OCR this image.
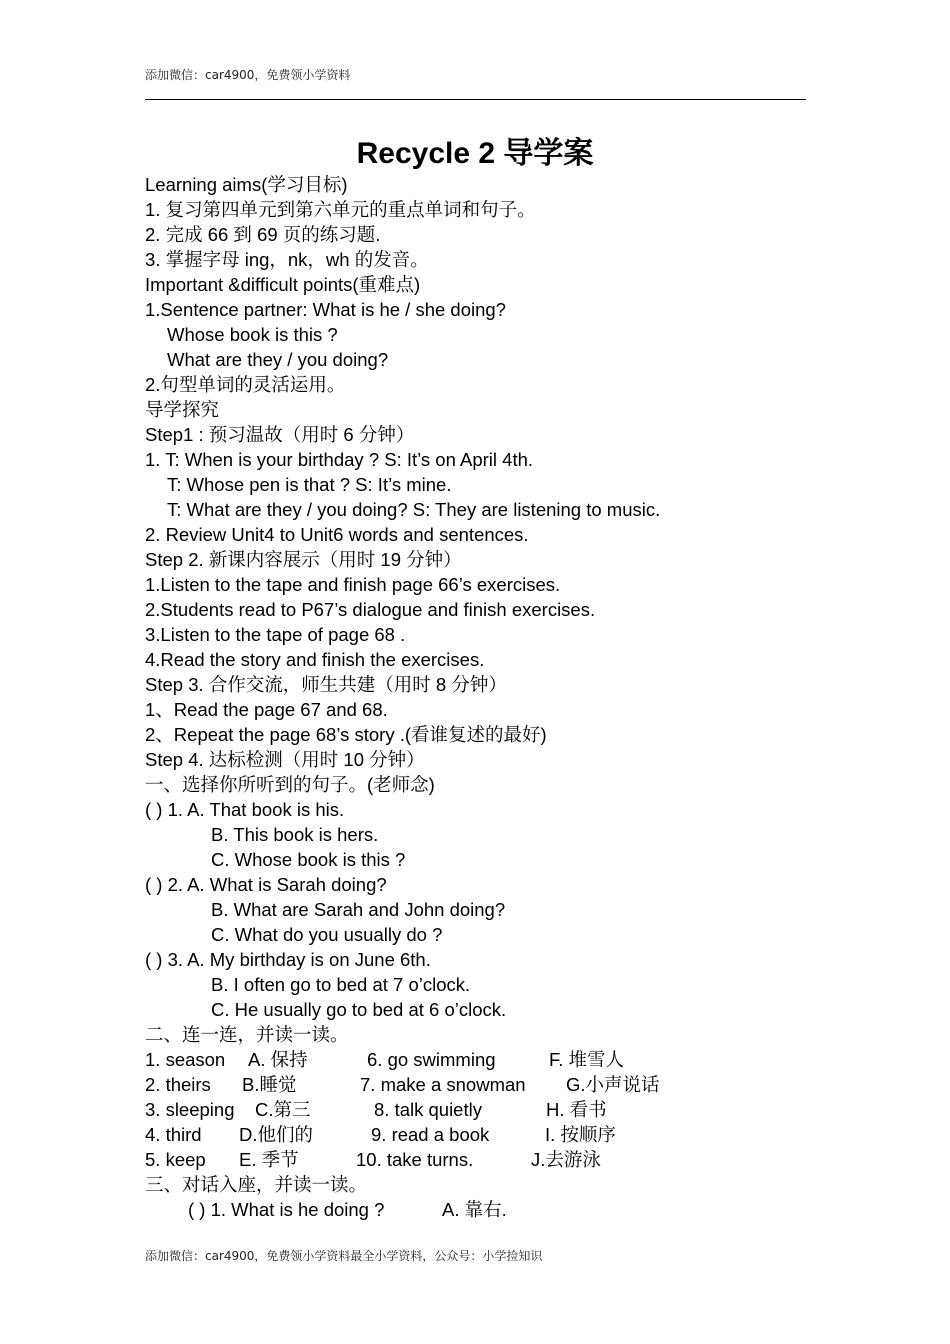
添加微信：car4900，免费领小学资料
Recycle 2 导学案
Learning aims(学习目标)
1. 复习第四单元到第六单元的重点单词和句子。
2. 完成 66 到 69 页的练习题.
3. 掌握字母 ing，nk，wh 的发音。
Important &difficult points(重难点)
1.Sentence partner: What is he / she doing?
Whose book is this ?
What are they / you doing?
2.句型单词的灵活运用。
导学探究
Step1 : 预习温故（用时 6 分钟）
1. T: When is your birthday ? S: It’s on April 4th.
T: Whose pen is that ? S: It’s mine.
T: What are they / you doing? S: They are listening to music.
2. Review Unit4 to Unit6 words and sentences.
Step 2. 新课内容展示（用时 19 分钟）
1.Listen to the tape and finish page 66’s exercises.
2.Students read to P67’s dialogue and finish exercises.
3.Listen to the tape of page 68 .
4.Read the story and finish the exercises.
Step 3. 合作交流，师生共建（用时 8 分钟）
1、Read the page 67 and 68.
2、Repeat the page 68’s story .(看谁复述的最好)
Step 4. 达标检测（用时 10 分钟）
一、选择你所听到的句子。(老师念)
( ) 1. A. That book is his.
B. This book is hers.
C. Whose book is this ?
( ) 2. A. What is Sarah doing?
B. What are Sarah and John doing?
C. What do you usually do ?
( ) 3. A. My birthday is on June 6th.
B. I often go to bed at 7 o’clock.
C. He usually go to bed at 6 o’clock.
二、连一连，并读一读。
1. season A. 保持	6. go swimming	F. 堆雪人
2. theirs B.睡觉	7. make a snowman G.小声说话
3. sleeping C.第三	8. talk quietly	H. 看书
4. third D.他们的	9. read a book	I. 按顺序
5. keep E. 季节	10. take turns.	J.去游泳
三、对话入座，并读一读。
( ) 1. What is he doing ?	A. 靠右.
添加微信：car4900，免费领小学资料最全小学资料，公众号：小学捡知识
